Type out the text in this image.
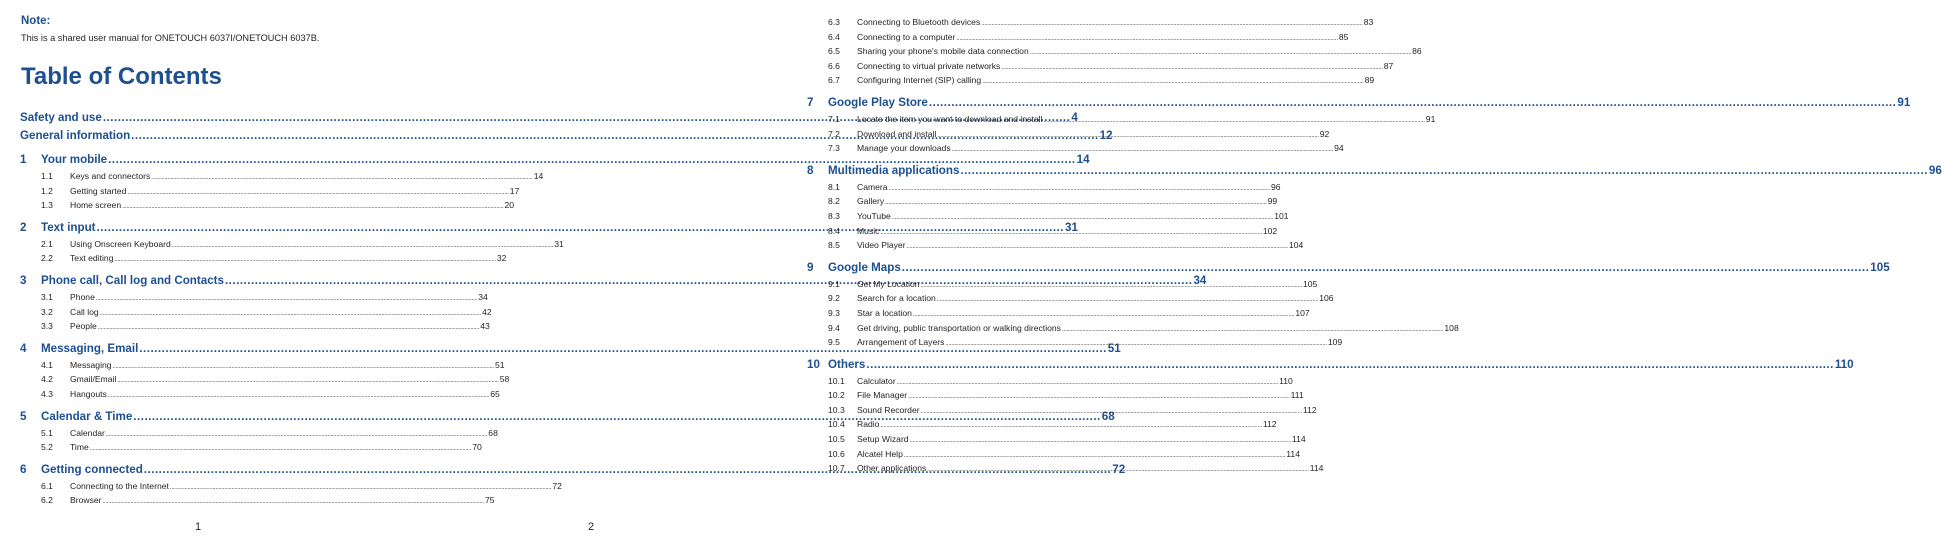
Note:
This is a shared user manual for ONETOUCH 6037I/ONETOUCH 6037B.
Table of Contents
Safety and use .....	4
General information .....	12
1	Your mobile .....	14
1.1	Keys and connectors .....	14
1.2	Getting started .....	17
1.3	Home screen .....	20
2	Text input .....	31
2.1	Using Onscreen Keyboard .....	31
2.2	Text editing .....	32
3	Phone call, Call log and Contacts .....	34
3.1	Phone .....	34
3.2	Call log .....	42
3.3	People .....	43
4	Messaging, Email .....	51
4.1	Messaging .....	51
4.2	Gmail/Email .....	58
4.3	Hangouts .....	65
5	Calendar & Time .....	68
5.1	Calendar .....	68
5.2	Time .....	70
6	Getting connected .....	72
6.1	Connecting to the Internet .....	72
6.2	Browser .....	75
1
6.3	Connecting to Bluetooth devices .....	83
6.4	Connecting to a computer .....	85
6.5	Sharing your phone's mobile data connection .....	86
6.6	Connecting to virtual private networks .....	87
6.7	Configuring Internet (SIP) calling .....	89
7	Google Play Store .....	91
7.1	Locate the item you want to download and install .....	91
7.2	Download and install .....	92
7.3	Manage your downloads .....	94
8	Multimedia applications .....	96
8.1	Camera .....	96
8.2	Gallery .....	99
8.3	YouTube .....	101
8.4	Music .....	102
8.5	Video Player .....	104
9	Google Maps .....	105
9.1	Get My Location .....	105
9.2	Search for a location .....	106
9.3	Star a location .....	107
9.4	Get driving, public transportation or walking directions .....	108
9.5	Arrangement of Layers .....	109
10 Others .....	110
10.1	Calculator .....	110
10.2	File Manager .....	111
10.3	Sound Recorder .....	112
10.4	Radio .....	112
10.5	Setup Wizard .....	114
10.6	Alcatel Help .....	114
10.7	Other applications .....	114
2
